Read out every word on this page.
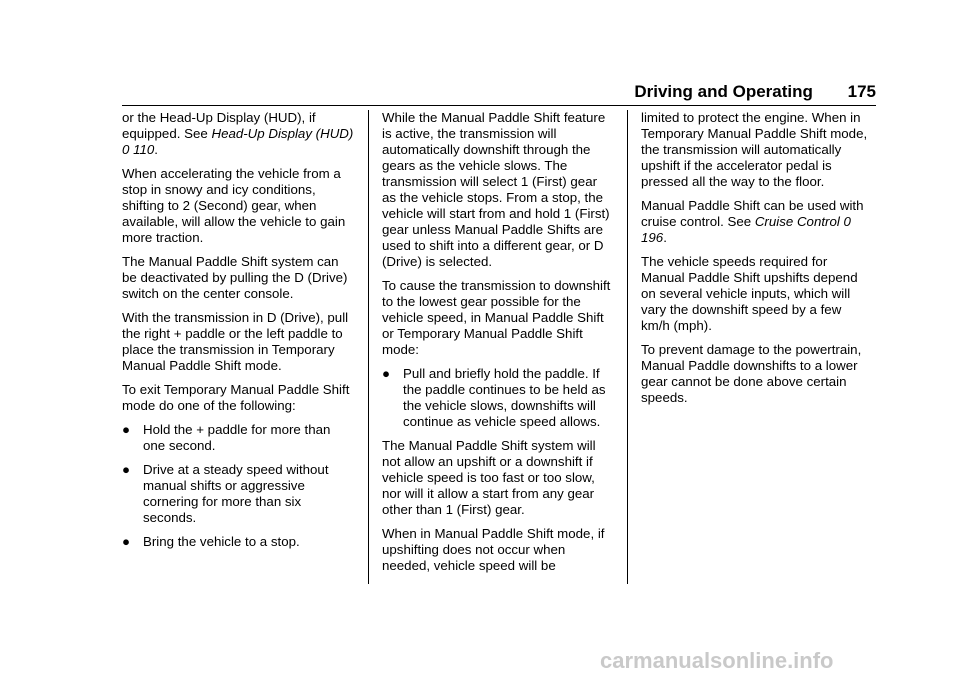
Driving and Operating 175

or the Head-Up Display (HUD), if equipped. See Head-Up Display (HUD) 0 110.

When accelerating the vehicle from a stop in snowy and icy conditions, shifting to 2 (Second) gear, when available, will allow the vehicle to gain more traction.

The Manual Paddle Shift system can be deactivated by pulling the D (Drive) switch on the center console.

With the transmission in D (Drive), pull the right + paddle or the left paddle to place the transmission in Temporary Manual Paddle Shift mode.

To exit Temporary Manual Paddle Shift mode do one of the following:

● Hold the + paddle for more than one second.
● Drive at a steady speed without manual shifts or aggressive cornering for more than six seconds.
● Bring the vehicle to a stop.

While the Manual Paddle Shift feature is active, the transmission will automatically downshift through the gears as the vehicle slows. The transmission will select 1 (First) gear as the vehicle stops. From a stop, the vehicle will start from and hold 1 (First) gear unless Manual Paddle Shifts are used to shift into a different gear, or D (Drive) is selected.

To cause the transmission to downshift to the lowest gear possible for the vehicle speed, in Manual Paddle Shift or Temporary Manual Paddle Shift mode:

● Pull and briefly hold the paddle. If the paddle continues to be held as the vehicle slows, downshifts will continue as vehicle speed allows.

The Manual Paddle Shift system will not allow an upshift or a downshift if vehicle speed is too fast or too slow, nor will it allow a start from any gear other than 1 (First) gear.

When in Manual Paddle Shift mode, if upshifting does not occur when needed, vehicle speed will be

limited to protect the engine. When in Temporary Manual Paddle Shift mode, the transmission will automatically upshift if the accelerator pedal is pressed all the way to the floor.

Manual Paddle Shift can be used with cruise control. See Cruise Control 0 196.

The vehicle speeds required for Manual Paddle Shift upshifts depend on several vehicle inputs, which will vary the downshift speed by a few km/h (mph).

To prevent damage to the powertrain, Manual Paddle downshifts to a lower gear cannot be done above certain speeds.

carmanualsonline.info
